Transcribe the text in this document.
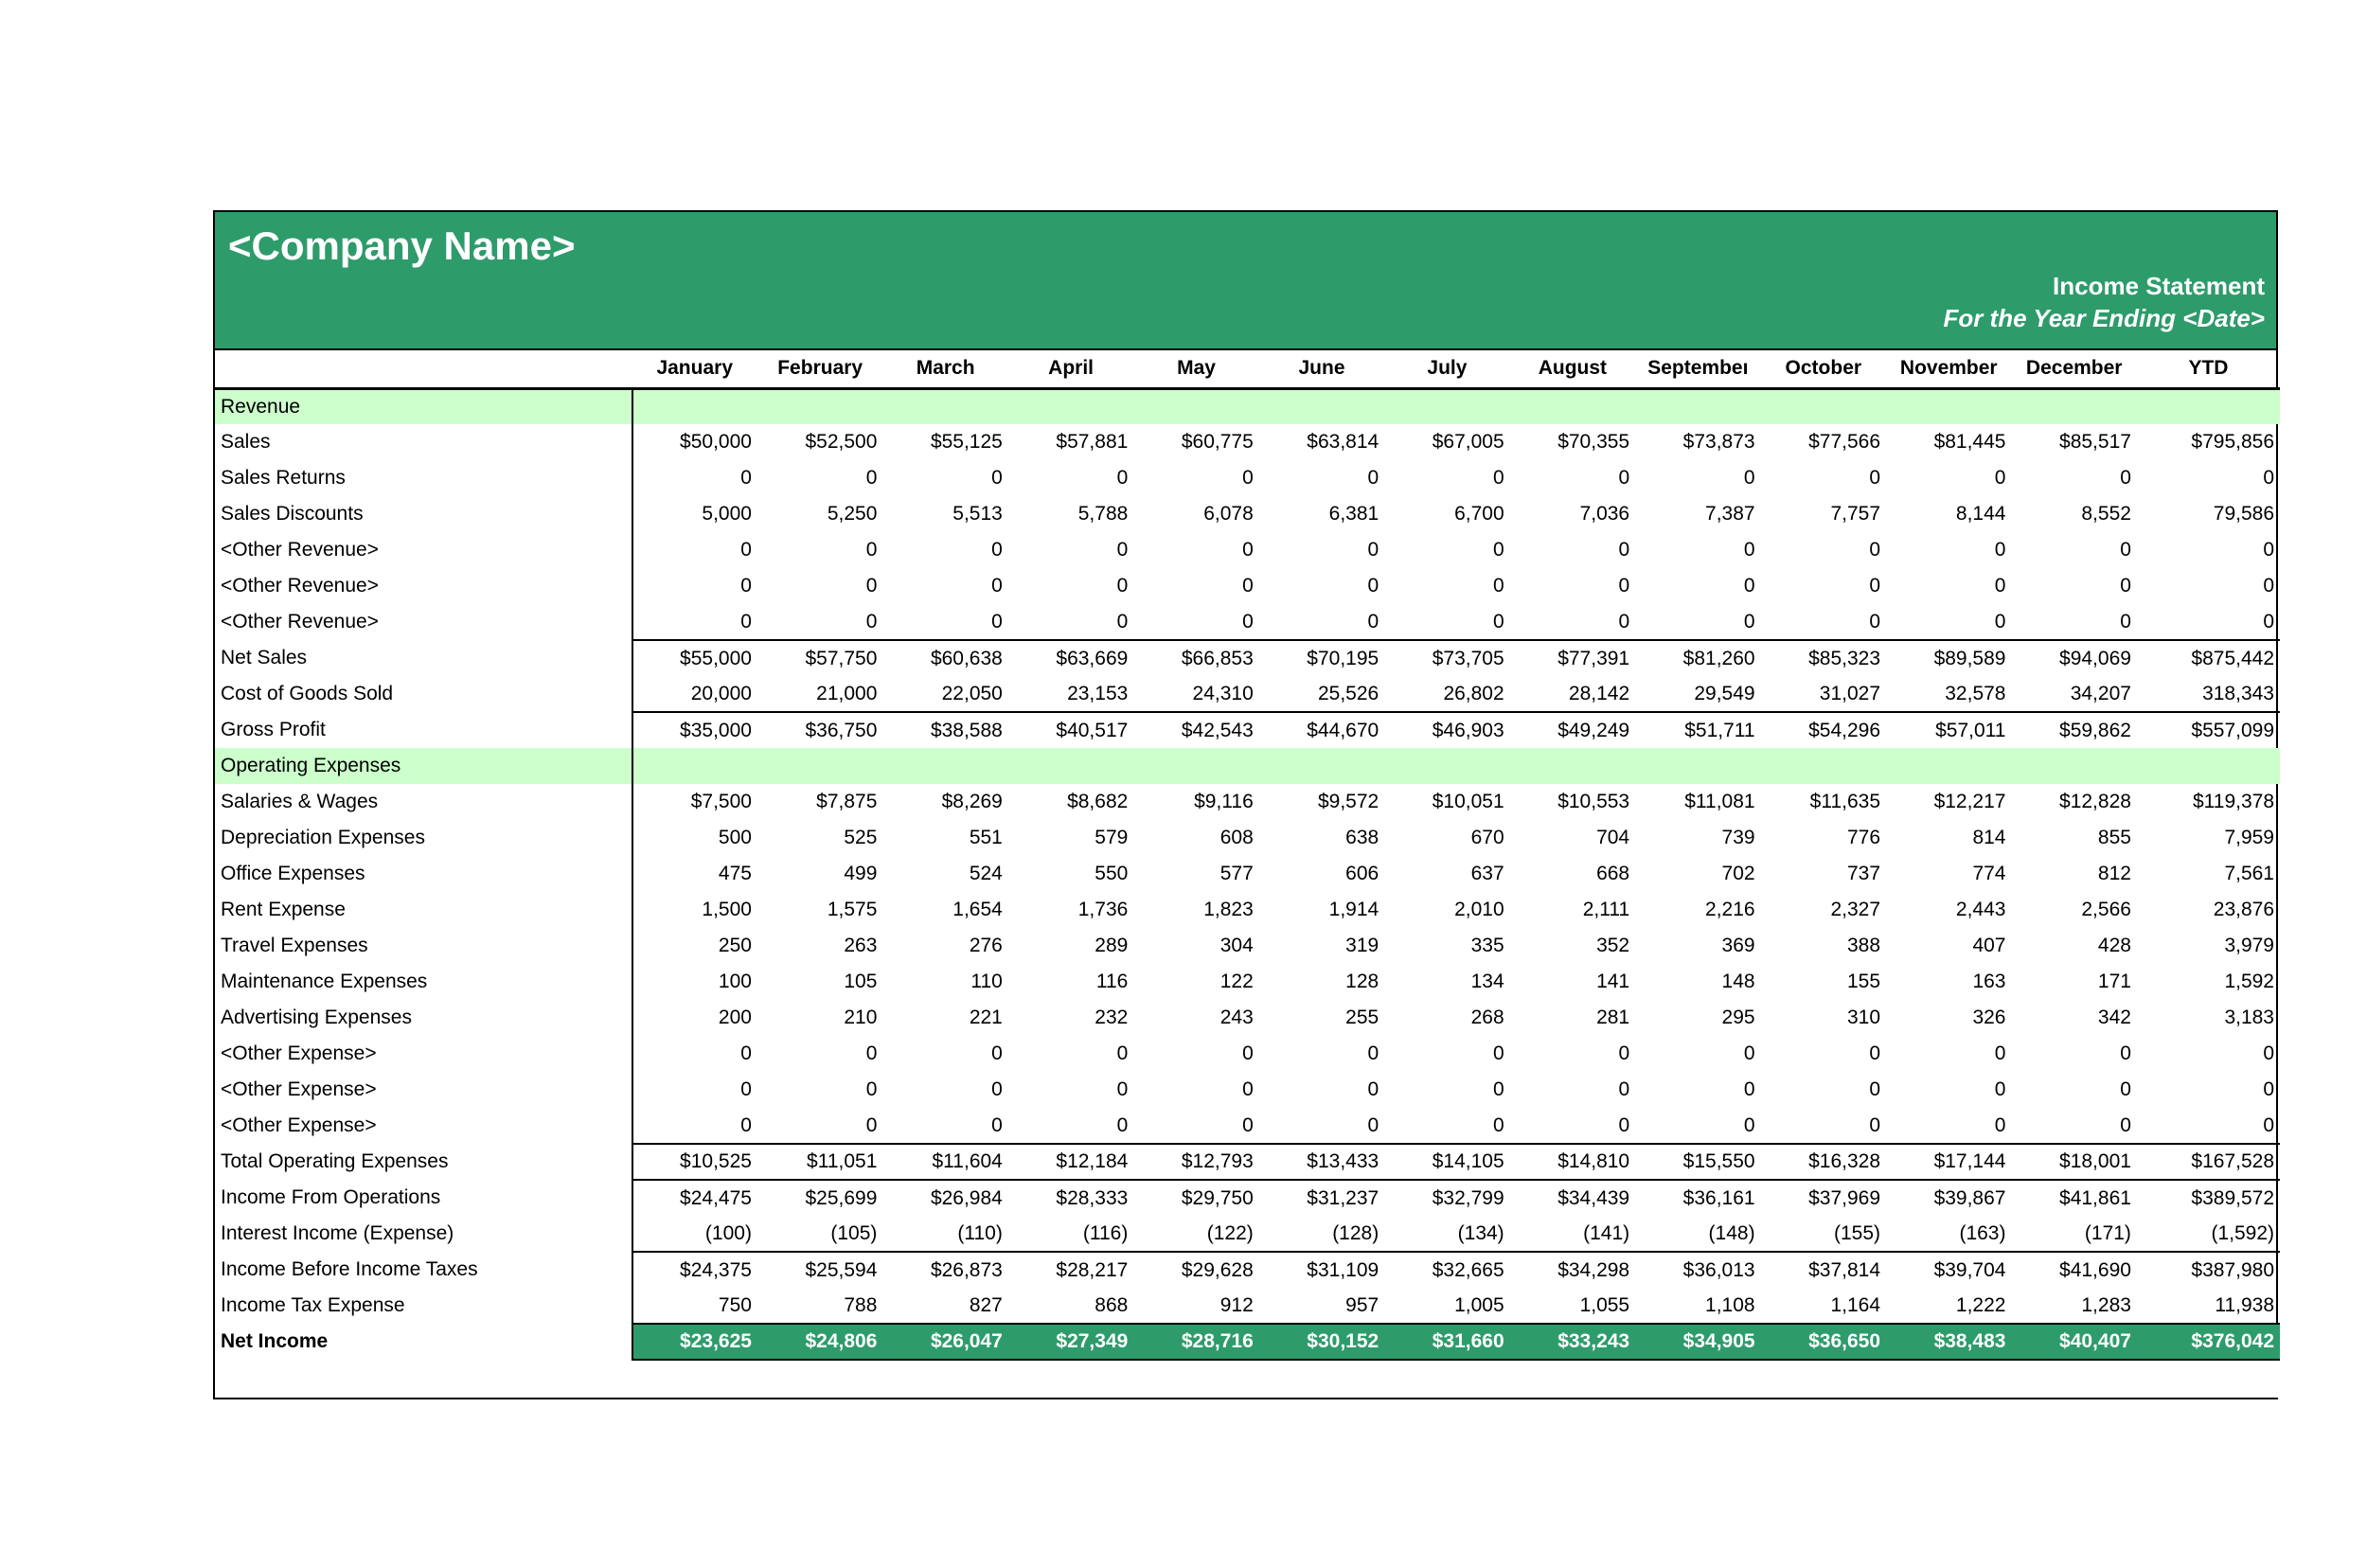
<Company Name>
Income Statement
For the Year Ending <Date>
	January	February	March	April	May	June	July	August	Septembeı	October	November	December	YTD
Revenue													
Sales	$50,000	$52,500	$55,125	$57,881	$60,775	$63,814	$67,005	$70,355	$73,873	$77,566	$81,445	$85,517	$795,856
Sales Returns	0	0	0	0	0	0	0	0	0	0	0	0	0
Sales Discounts	5,000	5,250	5,513	5,788	6,078	6,381	6,700	7,036	7,387	7,757	8,144	8,552	79,586
<Other Revenue>	0	0	0	0	0	0	0	0	0	0	0	0	0
<Other Revenue>	0	0	0	0	0	0	0	0	0	0	0	0	0
<Other Revenue>	0	0	0	0	0	0	0	0	0	0	0	0	0
Net Sales	$55,000	$57,750	$60,638	$63,669	$66,853	$70,195	$73,705	$77,391	$81,260	$85,323	$89,589	$94,069	$875,442
Cost of Goods Sold	20,000	21,000	22,050	23,153	24,310	25,526	26,802	28,142	29,549	31,027	32,578	34,207	318,343
Gross Profit	$35,000	$36,750	$38,588	$40,517	$42,543	$44,670	$46,903	$49,249	$51,711	$54,296	$57,011	$59,862	$557,099
Operating Expenses													
Salaries & Wages	$7,500	$7,875	$8,269	$8,682	$9,116	$9,572	$10,051	$10,553	$11,081	$11,635	$12,217	$12,828	$119,378
Depreciation Expenses	500	525	551	579	608	638	670	704	739	776	814	855	7,959
Office Expenses	475	499	524	550	577	606	637	668	702	737	774	812	7,561
Rent Expense	1,500	1,575	1,654	1,736	1,823	1,914	2,010	2,111	2,216	2,327	2,443	2,566	23,876
Travel Expenses	250	263	276	289	304	319	335	352	369	388	407	428	3,979
Maintenance Expenses	100	105	110	116	122	128	134	141	148	155	163	171	1,592
Advertising Expenses	200	210	221	232	243	255	268	281	295	310	326	342	3,183
<Other Expense>	0	0	0	0	0	0	0	0	0	0	0	0	0
<Other Expense>	0	0	0	0	0	0	0	0	0	0	0	0	0
<Other Expense>	0	0	0	0	0	0	0	0	0	0	0	0	0
Total Operating Expenses	$10,525	$11,051	$11,604	$12,184	$12,793	$13,433	$14,105	$14,810	$15,550	$16,328	$17,144	$18,001	$167,528
Income From Operations	$24,475	$25,699	$26,984	$28,333	$29,750	$31,237	$32,799	$34,439	$36,161	$37,969	$39,867	$41,861	$389,572
Interest Income (Expense)	(100)	(105)	(110)	(116)	(122)	(128)	(134)	(141)	(148)	(155)	(163)	(171)	(1,592)
Income Before Income Taxes	$24,375	$25,594	$26,873	$28,217	$29,628	$31,109	$32,665	$34,298	$36,013	$37,814	$39,704	$41,690	$387,980
Income Tax Expense	750	788	827	868	912	957	1,005	1,055	1,108	1,164	1,222	1,283	11,938
Net Income	$23,625	$24,806	$26,047	$27,349	$28,716	$30,152	$31,660	$33,243	$34,905	$36,650	$38,483	$40,407	$376,042
